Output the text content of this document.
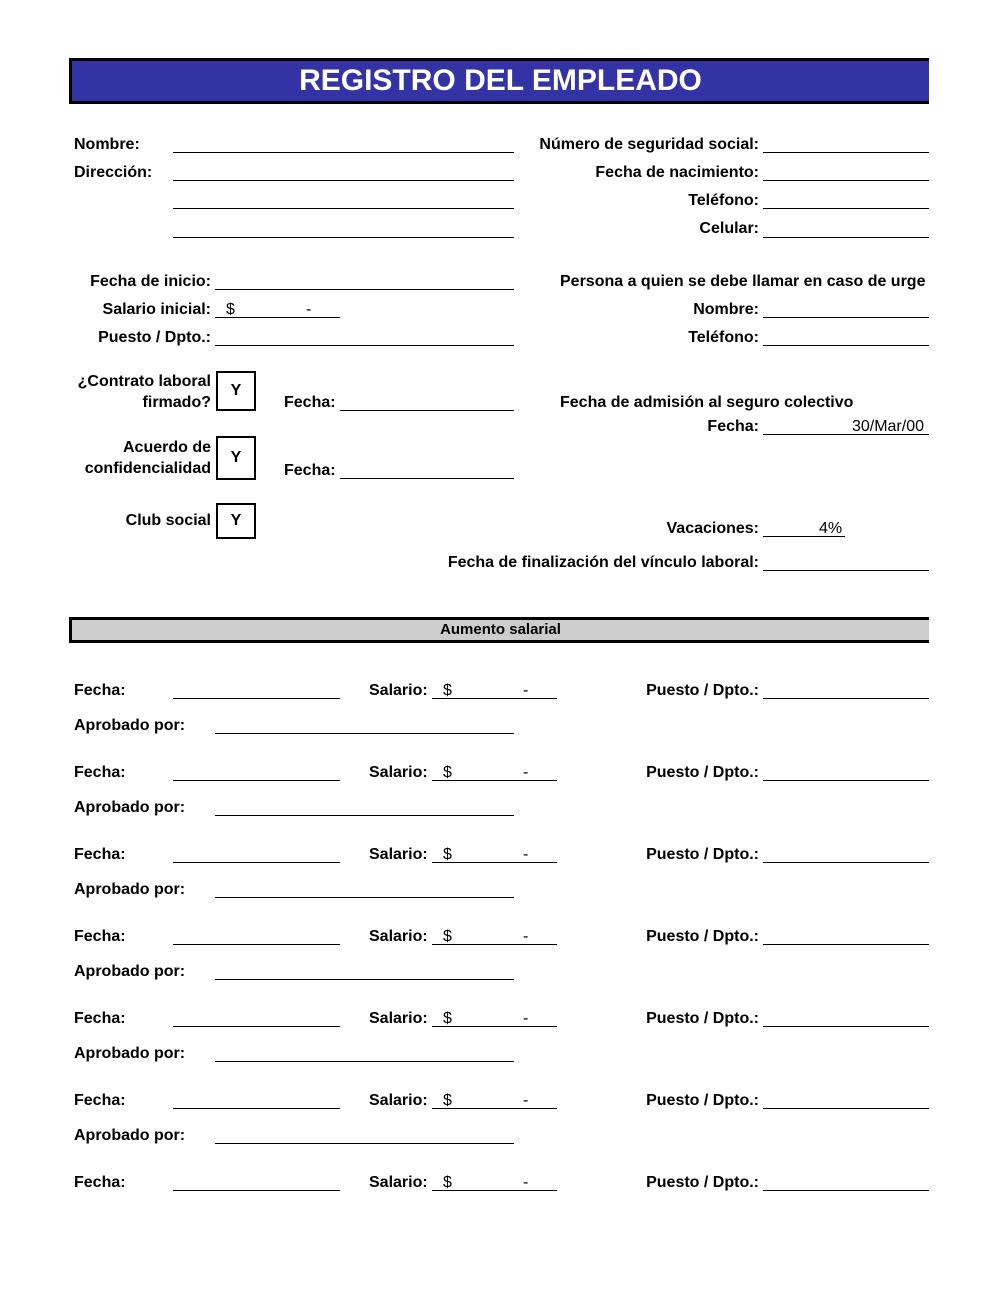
REGISTRO DEL EMPLEADO
Nombre:
Dirección:
Número de seguridad social:
Fecha de nacimiento:
Teléfono:
Celular:
Fecha de inicio:
Salario inicial: $	-
Puesto / Dpto.:
Persona a quien se debe llamar en caso de urge
Nombre:
Teléfono:
¿Contrato laboral
firmado?
Y
Fecha:
Acuerdo de
confidencialidad
Y
Fecha:
Club social	Y
Fecha de admisión al seguro colectivo
Fecha:	30/Mar/00
Vacaciones:	4%
Fecha de finalización del vínculo laboral:
Aumento salarial
Fecha:	Salario: $	-	Puesto / Dpto.:
Aprobado por:
Fecha:	Salario: $	-	Puesto / Dpto.:
Aprobado por:
Fecha:	Salario: $	-	Puesto / Dpto.:
Aprobado por:
Fecha:	Salario: $	-	Puesto / Dpto.:
Aprobado por:
Fecha:	Salario: $	-	Puesto / Dpto.:
Aprobado por:
Fecha:	Salario: $	-	Puesto / Dpto.:
Aprobado por:
Fecha:	Salario: $	-	Puesto / Dpto.:
